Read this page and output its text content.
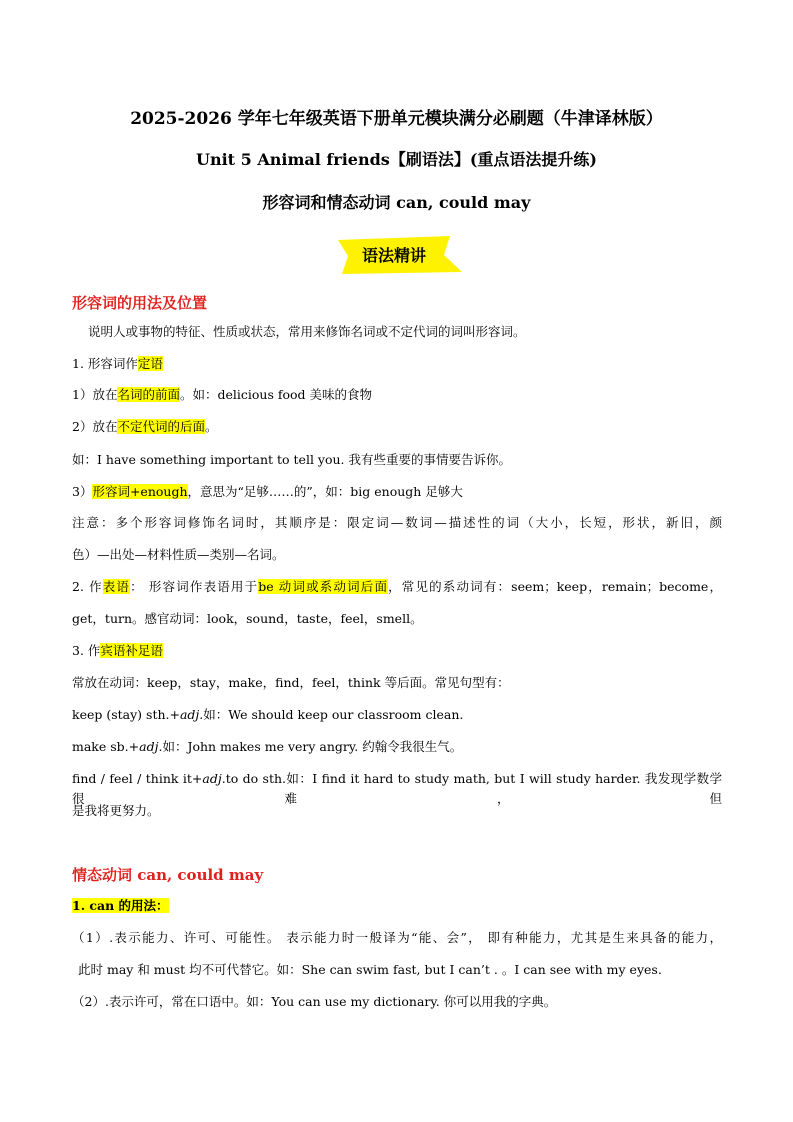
2025-2026 学年七年级英语下册单元模块满分必刷题（牛津译林版）
Unit 5 Animal friends【刷语法】(重点语法提升练)
形容词和情态动词 can, could may
语法精讲
形容词的用法及位置
说明人或事物的特征、性质或状态，常用来修饰名词或不定代词的词叫形容词。
1. 形容词作定语
1）放在名词的前面。如：delicious food 美味的食物
2）放在不定代词的后面。
如：I have something important to tell you. 我有些重要的事情要告诉你。
3）形容词+enough，意思为“足够……的”，如：big enough 足够大
注意：多个形容词修饰名词时，其顺序是：限定词—数词—描述性的词（大小，长短，形状，新旧，颜
色）—出处—材料性质—类别—名词。
2. 作表语： 形容词作表语用于be 动词或系动词后面，常见的系动词有：seem；keep，remain；become，
get，turn。感官动词：look，sound，taste，feel，smell。
3. 作宾语补足语
常放在动词：keep，stay，make，find，feel，think 等后面。常见句型有：
keep (stay) sth.+adj.如：We should keep our classroom clean.
make sb.+adj.如：John makes me very angry. 约翰令我很生气。
find / feel / think it+adj.to do sth.如：I find it hard to study math, but I will study harder. 我发现学数学很难，但
是我将更努力。
情态动词 can, could may
1. can 的用法：
（1）.表示能力、许可、可能性。 表示能力时一般译为“能、会”， 即有种能力，尤其是生来具备的能力，
此时 may 和 must 均不可代替它。如：She can swim fast, but I can’t . 。I can see with my eyes.
（2）.表示许可，常在口语中。如：You can use my dictionary. 你可以用我的字典。
